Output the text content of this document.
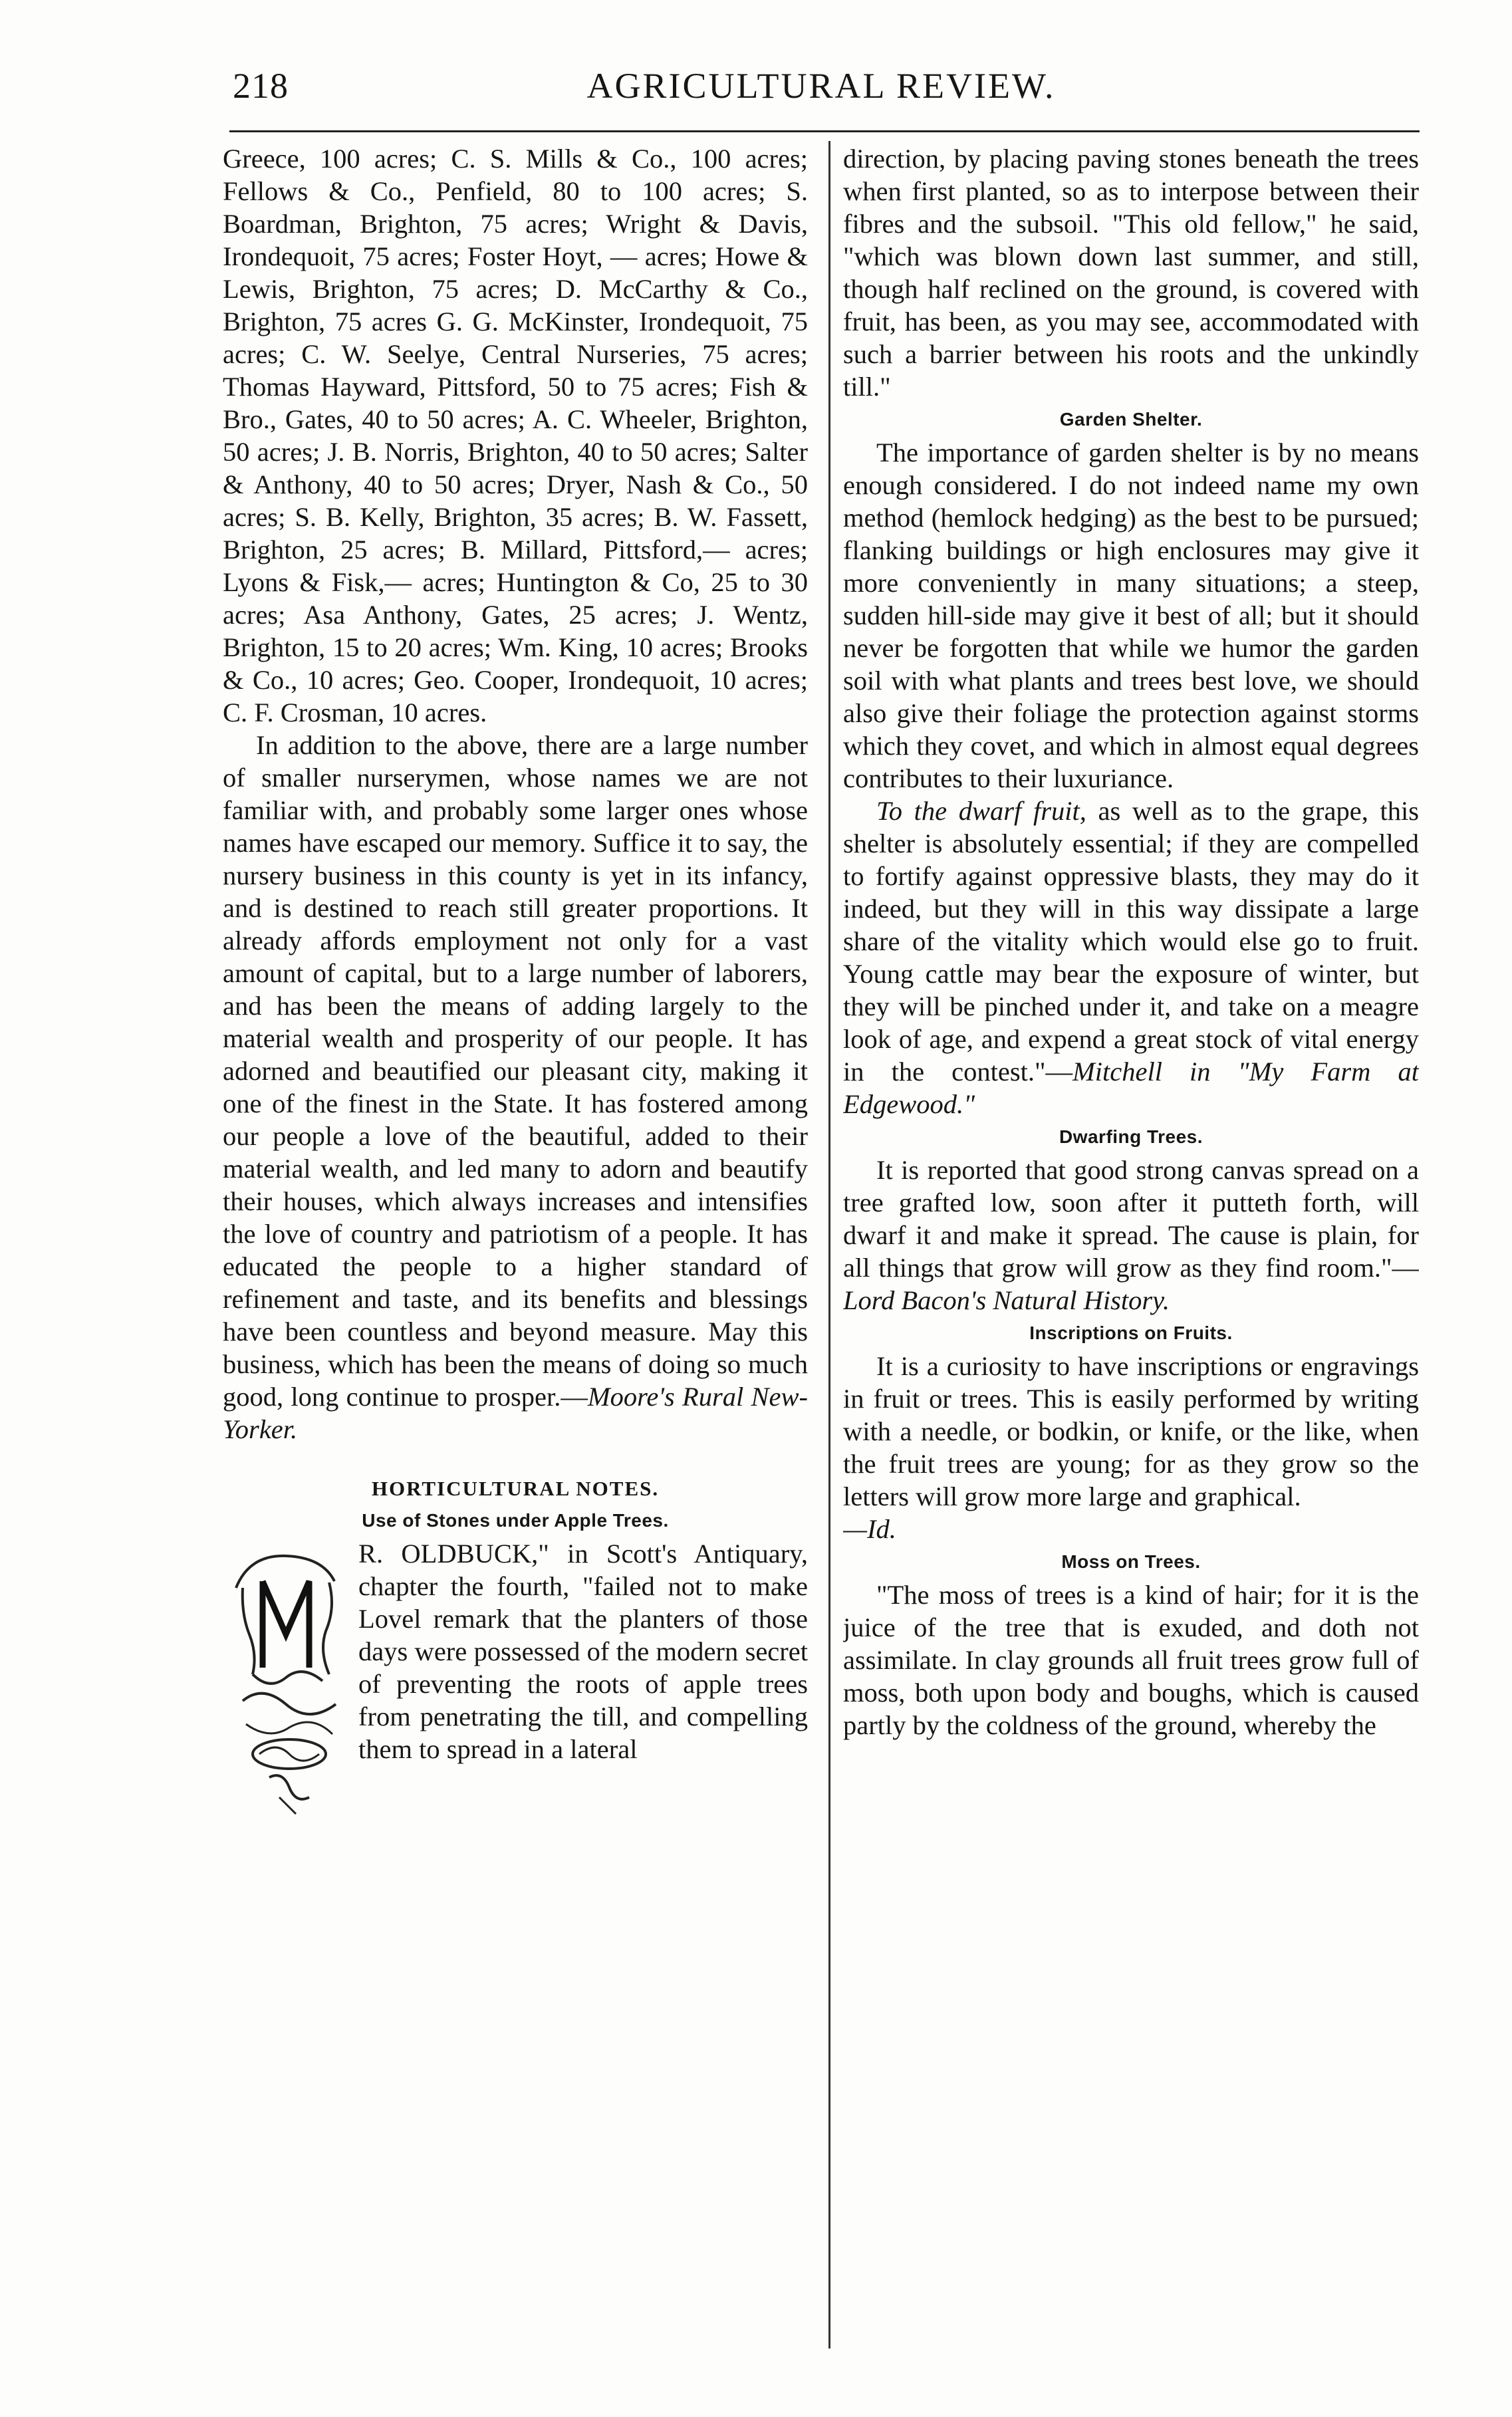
218	AGRICULTURAL REVIEW.

Greece, 100 acres; C. S. Mills & Co., 100 acres; Fellows & Co., Penfield, 80 to 100 acres; S. Boardman, Brighton, 75 acres; Wright & Davis, Irondequoit, 75 acres; Foster Hoyt, — acres; Howe & Lewis, Brighton, 75 acres; D. McCarthy & Co., Brighton, 75 acres G. G. McKinster, Irondequoit, 75 acres; C. W. Seelye, Central Nurseries, 75 acres; Thomas Hayward, Pittsford, 50 to 75 acres; Fish & Bro., Gates, 40 to 50 acres; A. C. Wheeler, Brighton, 50 acres; J. B. Norris, Brighton, 40 to 50 acres; Salter & Anthony, 40 to 50 acres; Dryer, Nash & Co., 50 acres; S. B. Kelly, Brighton, 35 acres; B. W. Fassett, Brighton, 25 acres; B. Millard, Pittsford,— acres; Lyons & Fisk,— acres; Huntington & Co, 25 to 30 acres; Asa Anthony, Gates, 25 acres; J. Wentz, Brighton, 15 to 20 acres; Wm. King, 10 acres; Brooks & Co., 10 acres; Geo. Cooper, Irondequoit, 10 acres; C. F. Crosman, 10 acres.

In addition to the above, there are a large number of smaller nurserymen, whose names we are not familiar with, and probably some larger ones whose names have escaped our memory. Suffice it to say, the nursery business in this county is yet in its infancy, and is destined to reach still greater proportions. It already affords employment not only for a vast amount of capital, but to a large number of laborers, and has been the means of adding largely to the material wealth and prosperity of our people. It has adorned and beautified our pleasant city, making it one of the finest in the State. It has fostered among our people a love of the beautiful, added to their material wealth, and led many to adorn and beautify their houses, which always increases and intensifies the love of country and patriotism of a people. It has educated the people to a higher standard of refinement and taste, and its benefits and blessings have been countless and beyond measure. May this business, which has been the means of doing so much good, long continue to prosper.—Moore's Rural New-Yorker.

HORTICULTURAL NOTES.
Use of Stones under Apple Trees.

R. OLDBUCK," in Scott's Antiquary, chapter the fourth, "failed not to make Lovel remark that the planters of those days were possessed of the modern secret of preventing the roots of apple trees from penetrating the till, and compelling them to spread in a lateral

direction, by placing paving stones beneath the trees when first planted, so as to interpose between their fibres and the subsoil. "This old fellow," he said, "which was blown down last summer, and still, though half reclined on the ground, is covered with fruit, has been, as you may see, accommodated with such a barrier between his roots and the unkindly till."

Garden Shelter.

The importance of garden shelter is by no means enough considered. I do not indeed name my own method (hemlock hedging) as the best to be pursued; flanking buildings or high enclosures may give it more conveniently in many situations; a steep, sudden hill-side may give it best of all; but it should never be forgotten that while we humor the garden soil with what plants and trees best love, we should also give their foliage the protection against storms which they covet, and which in almost equal degrees contributes to their luxuriance.

To the dwarf fruit, as well as to the grape, this shelter is absolutely essential; if they are compelled to fortify against oppressive blasts, they may do it indeed, but they will in this way dissipate a large share of the vitality which would else go to fruit. Young cattle may bear the exposure of winter, but they will be pinched under it, and take on a meagre look of age, and expend a great stock of vital energy in the contest."—Mitchell in "My Farm at Edgewood."

Dwarfing Trees.

It is reported that good strong canvas spread on a tree grafted low, soon after it putteth forth, will dwarf it and make it spread. The cause is plain, for all things that grow will grow as they find room."—Lord Bacon's Natural History.

Inscriptions on Fruits.

It is a curiosity to have inscriptions or engravings in fruit or trees. This is easily performed by writing with a needle, or bodkin, or knife, or the like, when the fruit trees are young; for as they grow so the letters will grow more large and graphical.
—Id.

Moss on Trees.

"The moss of trees is a kind of hair; for it is the juice of the tree that is exuded, and doth not assimilate. In clay grounds all fruit trees grow full of moss, both upon body and boughs, which is caused partly by the coldness of the ground, whereby the
